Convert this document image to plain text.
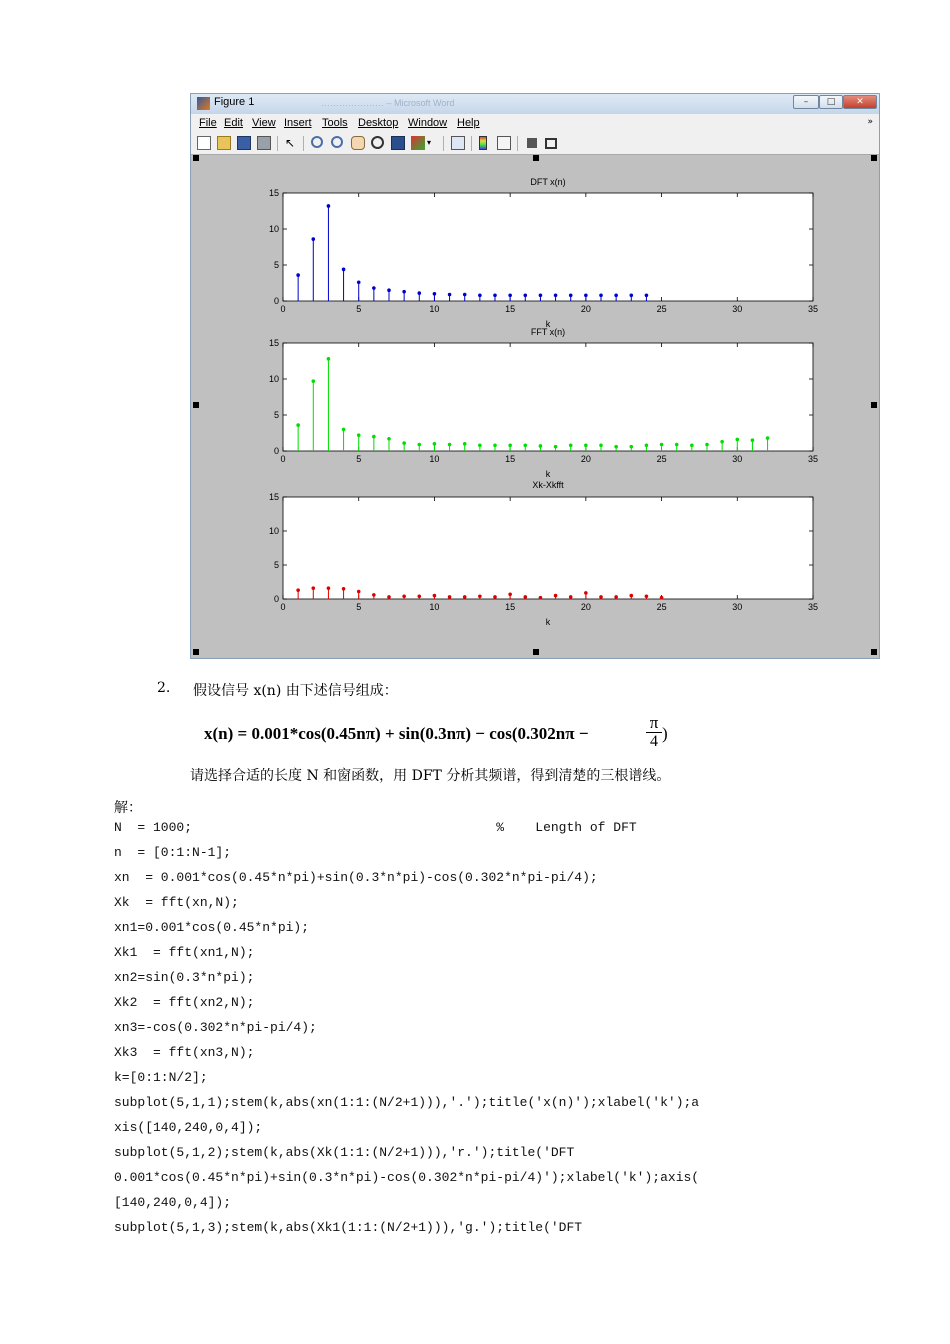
Figure 1	………………… – Microsoft Word	–	□	✕
File Edit View Insert Tools Desktop Window Help	»
↖	▾
0	5	10	15	20	25	30	35
0
5
10
15
DFT x(n)
k
0	5	10	15	20	25	30	35
0
5
10
15
FFT x(n)
k
0	5	10	15	20	25	30	35
0
5
10
15
Xk-Xkfft
k
2. 假设信号 x(n) 由下述信号组成：
x(n) = 0.001*cos(0.45nπ) + sin(0.3nπ) − cos(0.302nπ −	$\frac{\pi}{4}$ )
请选择合适的长度 N 和窗函数，用 DFT 分析其频谱，得到清楚的三根谱线。
解：
N  = 1000;                                       %    Length of DFT
n  = [0:1:N-1];
xn  = 0.001*cos(0.45*n*pi)+sin(0.3*n*pi)-cos(0.302*n*pi-pi/4);
Xk  = fft(xn,N);
xn1=0.001*cos(0.45*n*pi);
Xk1  = fft(xn1,N);
xn2=sin(0.3*n*pi);
Xk2  = fft(xn2,N);
xn3=-cos(0.302*n*pi-pi/4);
Xk3  = fft(xn3,N);
k=[0:1:N/2];
subplot(5,1,1);stem(k,abs(xn(1:1:(N/2+1))),'.');title('x(n)');xlabel('k');a
xis([140,240,0,4]);
subplot(5,1,2);stem(k,abs(Xk(1:1:(N/2+1))),'r.');title('DFT
0.001*cos(0.45*n*pi)+sin(0.3*n*pi)-cos(0.302*n*pi-pi/4)');xlabel('k');axis(
[140,240,0,4]);
subplot(5,1,3);stem(k,abs(Xk1(1:1:(N/2+1))),'g.');title('DFT
